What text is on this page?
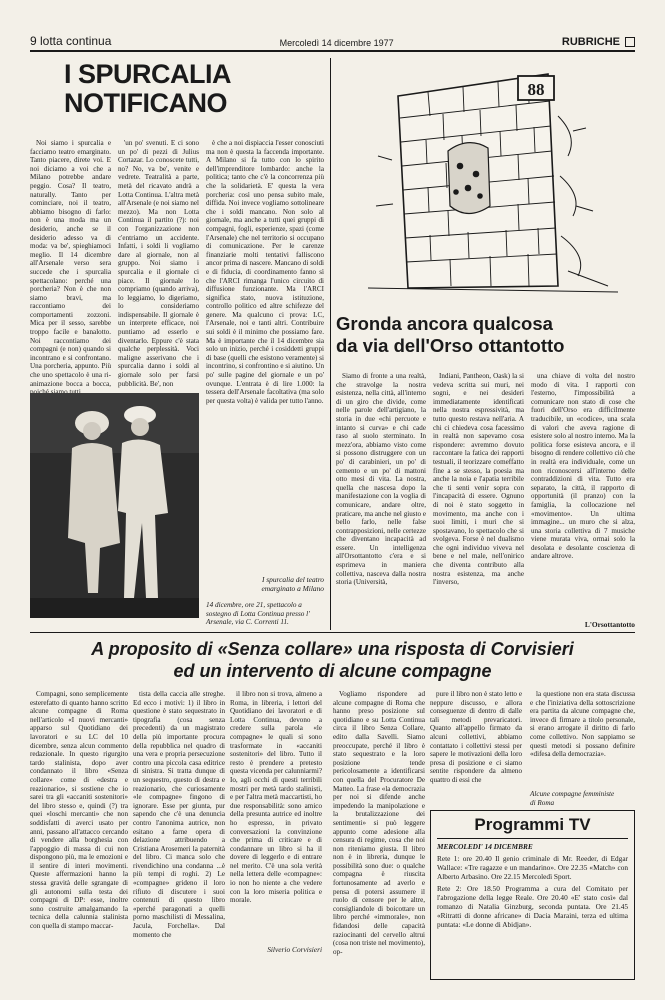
9 lotta continua	Mercoledì 14 dicembre 1977	RUBRICHE
I SPURCALIA
NOTIFICANO

Noi siamo i spurcalia e facciamo teatro emarginato. Tanto piacere, direte voi. E noi diciamo a voi che a Milano potrebbe andare peggio. Cosa? Il teatro, naturally. Tanto per cominciare, noi il teatro, abbiamo bisogno di farlo: non è una moda ma un desiderio, anche se il desiderio adesso va di moda: va be', spieghiamoci meglio. Il 14 dicembre all'Arsenale verso sera succede che i spurcalia spettacolano: perché una porcheria? Non è che non siamo bravi, ma raccontiamo dei comportamenti zozzoni. Mica per il sesso, sarebbe troppo facile e banalotto. Noi raccontiamo dei compagni (e non) quando si incontrano e si confrontano. Una porcheria, appunto. Più che uno spettacolo è una ri-animazione bocca a bocca,

'un po' svenuti. E ci sono un po' di pezzi di Julius Cortazar. Lo conoscete tutti, no? No, va be', venite e vedrete. Teatralità a parte, metà del ricavato andrà a Lotta Continua. L'altra metà all'Arsenale (e noi siamo nel mezzo). Ma non Lotta Continua il partito (?): noi con l'organizzazione non c'entriamo un accidente. Infatti, i soldi li vogliamo dare al giornale, non al gruppo. Noi siamo i spurcalia e il giornale ci piace. Il giornale lo compriamo (quando arriva), lo leggiamo, lo digeriamo, lo consideriamo indispensabile. Il giornale è un interprete efficace, noi puntiamo ad esserlo e diventarlo. Eppure c'è stata qualche perplessità. Voci maligne asserivano che i spurcalia danno i soldi al giornale solo per farsi pubblicità. Be', non

è che a noi dispiaccia l'esser conosciuti ma non è questa la faccenda importante. A Milano si fa tutto con lo spirito dell'imprenditore lombardo: anche la politica; tanto che c'è la concorrenza più che la solidarietà. E' questa la vera porcheria: così uno pensa subito male, diffida. Noi invece vogliamo sottolineare che i soldi mancano. Non solo al giornale, ma anche a tutti quei gruppi di compagni, fogli, esperienze, spazi (come l'Arsenale) che nel territorio si occupano di comunicazione. Per le carenze finanziarie molti tentativi falliscono ancor prima di nascere. Mancano di soldi e di fiducia, di coordinamento fanno sì che l'ARCI rimanga l'unico circuito di diffusione funzionante. Ma l'ARCI significa stato, nuova istituzione, controllo politico ed altre schifezze del genere. Ma qualcuno ci prova: LC, l'Arsenale, noi e tanti altri. Contribuire sui soldi è il minimo che possiamo fare. Ma è importante che il 14 dicembre sia solo un inizio, perché i cosiddetti gruppi di base (quelli che esistono veramente) si incontrino, si confrontino e si aiutino. Un po' sulle pagine del giornale e un po' ovunque. L'entrata è di lire 1.000: la tessera dell'Arsenale facoltativa (ma solo per questa volta) è valida per tutto l'anno.

I spurcalia del teatro
emarginato a Milano
14 dicembre, ore 21, spettacolo a sostegno di Lotta Continua presso l' Arsenale, via C. Correnti 11.
88
Gronda ancora qualcosa
da via dell'Orso ottantotto

Siamo di fronte a una realtà, che stravolge la nostra esistenza, nella città, all'interno di un giro che divide, come nelle parole dell'artigiano, la storia in due «chi percuote e intanto si curva» e chi cade raso al suolo sterminato. In mezz'ora, abbiamo visto come si possono distruggere con un po' di carabinieri, un po' di cemento e un po' di mattoni otto mesi di vita. La nostra, quella che nascesa dopo la manifestazione con la voglia di comunicare, andare oltre, praticare, ma anche nel giusto e bello farlo, nelle false contrapposizioni, nelle certezze che diventano incapacità ad essere. Un intelligenza all'Orsottantotto c'era e si esprimeva in maniera collettiva, nasceva dalla nostra storia (Università,

Indiani, Pantheon, Oask) la si vedeva scritta sui muri, nei sogni, e nei desideri immediatamente identificati nella nostra espressività, ma tutto questo restava nell'aria. A chi ci chiedeva cosa facessimo in realtà non sapevamo cosa rispondere: avremmo dovuto raccontare la fatica dei rapporti testuali, il teorizzare comeffatto fine a se stesso, la poesia ma anche la noia e l'apatia terribile che ti senti venir sopra con l'incapacità di essere. Ognuno di noi è stato soggetto in movimento, ma anche con i suoi limiti, i muri che si spostavano, lo spettacolo che si svolgeva. Forse è nel dualismo che ogni individuo viveva nel bene e nel male, nell'onirico che diventa contributo alla nostra esistenza, ma anche l'inverso,

una chiave di volta del nostro modo di vita. I rapporti con l'esterno, l'impossibilità a comunicare non stato di cose che fuori dell'Orso era difficilmente traducibile, un «codice», una scala di valori che aveva ragione di esistere solo al nostro interno. Ma la politica forse esisteva ancora, e il bisogno di rendere collettivo ciò che in realtà era individuale, come un non riconoscersi all'interno delle contraddizioni di vita. Tutto era separato, la città, il rapporto di opportunità (il pranzo) con la famiglia, la collocazione nel «movimento». Un ultima immagine... un muro che si alza, una storia collettiva di 7 musiche viene murata viva, ormai solo la desolata e desolante coscienza di andare altrove.

L'Orsottantotto
A proposito di «Senza collare» una risposta di Corvisieri
ed un intervento di alcune compagne

Compagni, sono semplicemente esterefatto di quanto hanno scritto alcune compagne di Roma nell'articolo «I nuovi mercanti» apparso sul Quotidiano dei lavoratori e su LC del 10 dicembre, senza alcun commento redazionale. In questo rigurgito tardo stalinista, dopo aver condannato il libro «Senza collare» come di «destra e reazionario», si sostiene che io sarei tra gli «accaniti sostenitori» del libro stesso e, quindi (?) tra quei «loschi mercanti» che non soddisfatti di averci usato per anni, passano all'attacco cercando di vendere alla borghesia con l'appoggio di massa di cui non dispongono più, ma le emozioni e il sentire di interi movimenti. Queste affermazioni hanno la stessa gravità delle sgrangate di gli autonomi sulla testa dei compagni di DP: esse, inoltre sono costruite amalgamando la tecnica della calunnia stalinista con quella di stampo maccar-

tista della caccia alle streghe. Ed ecco i motivi: 1) il libro in questione è stato sequestrato in tipografia (cosa senza precedenti) da un magistrato della più importante procura della repubblica nel quadro di una vera e propria persecuzione contro una piccola casa editrice di sinistra. Si tratta dunque di un sequestro, questo di destra e reazionario, che curiosamente «le compagne» fingono di ignorare. Esse per giunta, pur sapendo che c'è una denuncia contro l'anonima autrice, non esitano a farne opera di delazione attribuendo a Cristiana Arosemeri la paternità del libro. Ci manca solo che rivendichino una condanna ...è più tempi di roghi. 2) Le «compagne» grideno il loro rifiuto di discutere i suoi contenuti di questo libro «perché paragonati a quelli porno maschilisti di Messalina, Jacula, Forchella». Dal momento che

il libro non si trova, almeno a Roma, in libreria, i lettori del Quotidiano dei lavoratori e di Lotta Continua, devono a credere sulla parola «le compagne» le quali si sono trasformate in «accaniti sostenitori» del libro. Tutto il resto è prendere a pretesto questa vicenda per calunniarmi? Io, agli occhi di questi terribili mostri per metà tardo stalinisti, e per l'altra metà maccartisti, ho due responsabilità: sono amico della presunta autrice ed inoltre ho espresso, in privato conversazioni la convinzione che prima di criticare e di condannare un libro si ha il dovere di leggerlo e di entrare nel merito. C'è una sola verità nella lettera delle «compagne»: io non ho niente a che vedere con la loro miseria politica e morale.

Silverio Corvisieri

Vogliamo rispondere ad alcune compagne di Roma che hanno preso posizione sul quotidiano e su Lotta Continua circa il libro Senza Collare, edito dalla Savelli. Siamo preoccupate, perché il libro è stato sequestrato e la loro posizione tende pericolosamente a identificarsi con quella del Procuratore De Matteo. La frase «la democrazia per noi si difende anche impedendo la manipolazione e la brutalizzazione dei sentimenti» si può leggere appunto come adesione alla censura di regime, cosa che noi non riteniamo giusta. Il libro non è in libreria, dunque le possibilità sono due: o qualche compagna è riuscita fortunosamente ad averlo e pensa di potersi assumere il ruolo di censore per le altre, consigliandole di boicottare un libro perché «immorale», non fidandosi delle capacità raziocinanti del cervello altrui (cosa non triste nel movimento), op-

pure il libro non è stato letto e neppure discusso, e allora conseguenze di dentro di dalle tali metodi prevaricatori. Quanto all'appello firmato da alcuni collettivi, abbiamo contattato i collettivi stessi per sapere le motivazioni della loro presa di posizione e ci siamo sentite rispondere da almeno quattro di essi che

la questione non era stata discussa e che l'iniziativa della sottoscrizione era partita da alcune compagne che, invece di firmare a titolo personale, si erano arrogate il diritto di farlo come collettivo. Non sappiamo se questi metodi si possano definire «difesa della democrazia».

Alcune compagne femministe
di Roma
Programmi TV
MERCOLEDI' 14 DICEMBRE
Rete 1: ore 20.40 Il genio criminale di Mr. Reeder, di Edgar Wallace: «Tre ragazze e un mandarino». Ore 22.35 «Match» con Alberto Arbasino. Ore 22.15 Mercoledì Sport.
Rete 2: Ore 18.50 Programma a cura del Comitato per l'abrogazione della legge Reale. Ore 20.40 «E' stato così» dal romanzo di Natalia Ginzburg, seconda puntata. Ore 21.45 «Ritratti di donne africane» di Dacia Maraini, terza ed ultima puntata: «Le donne di Abidjan».
